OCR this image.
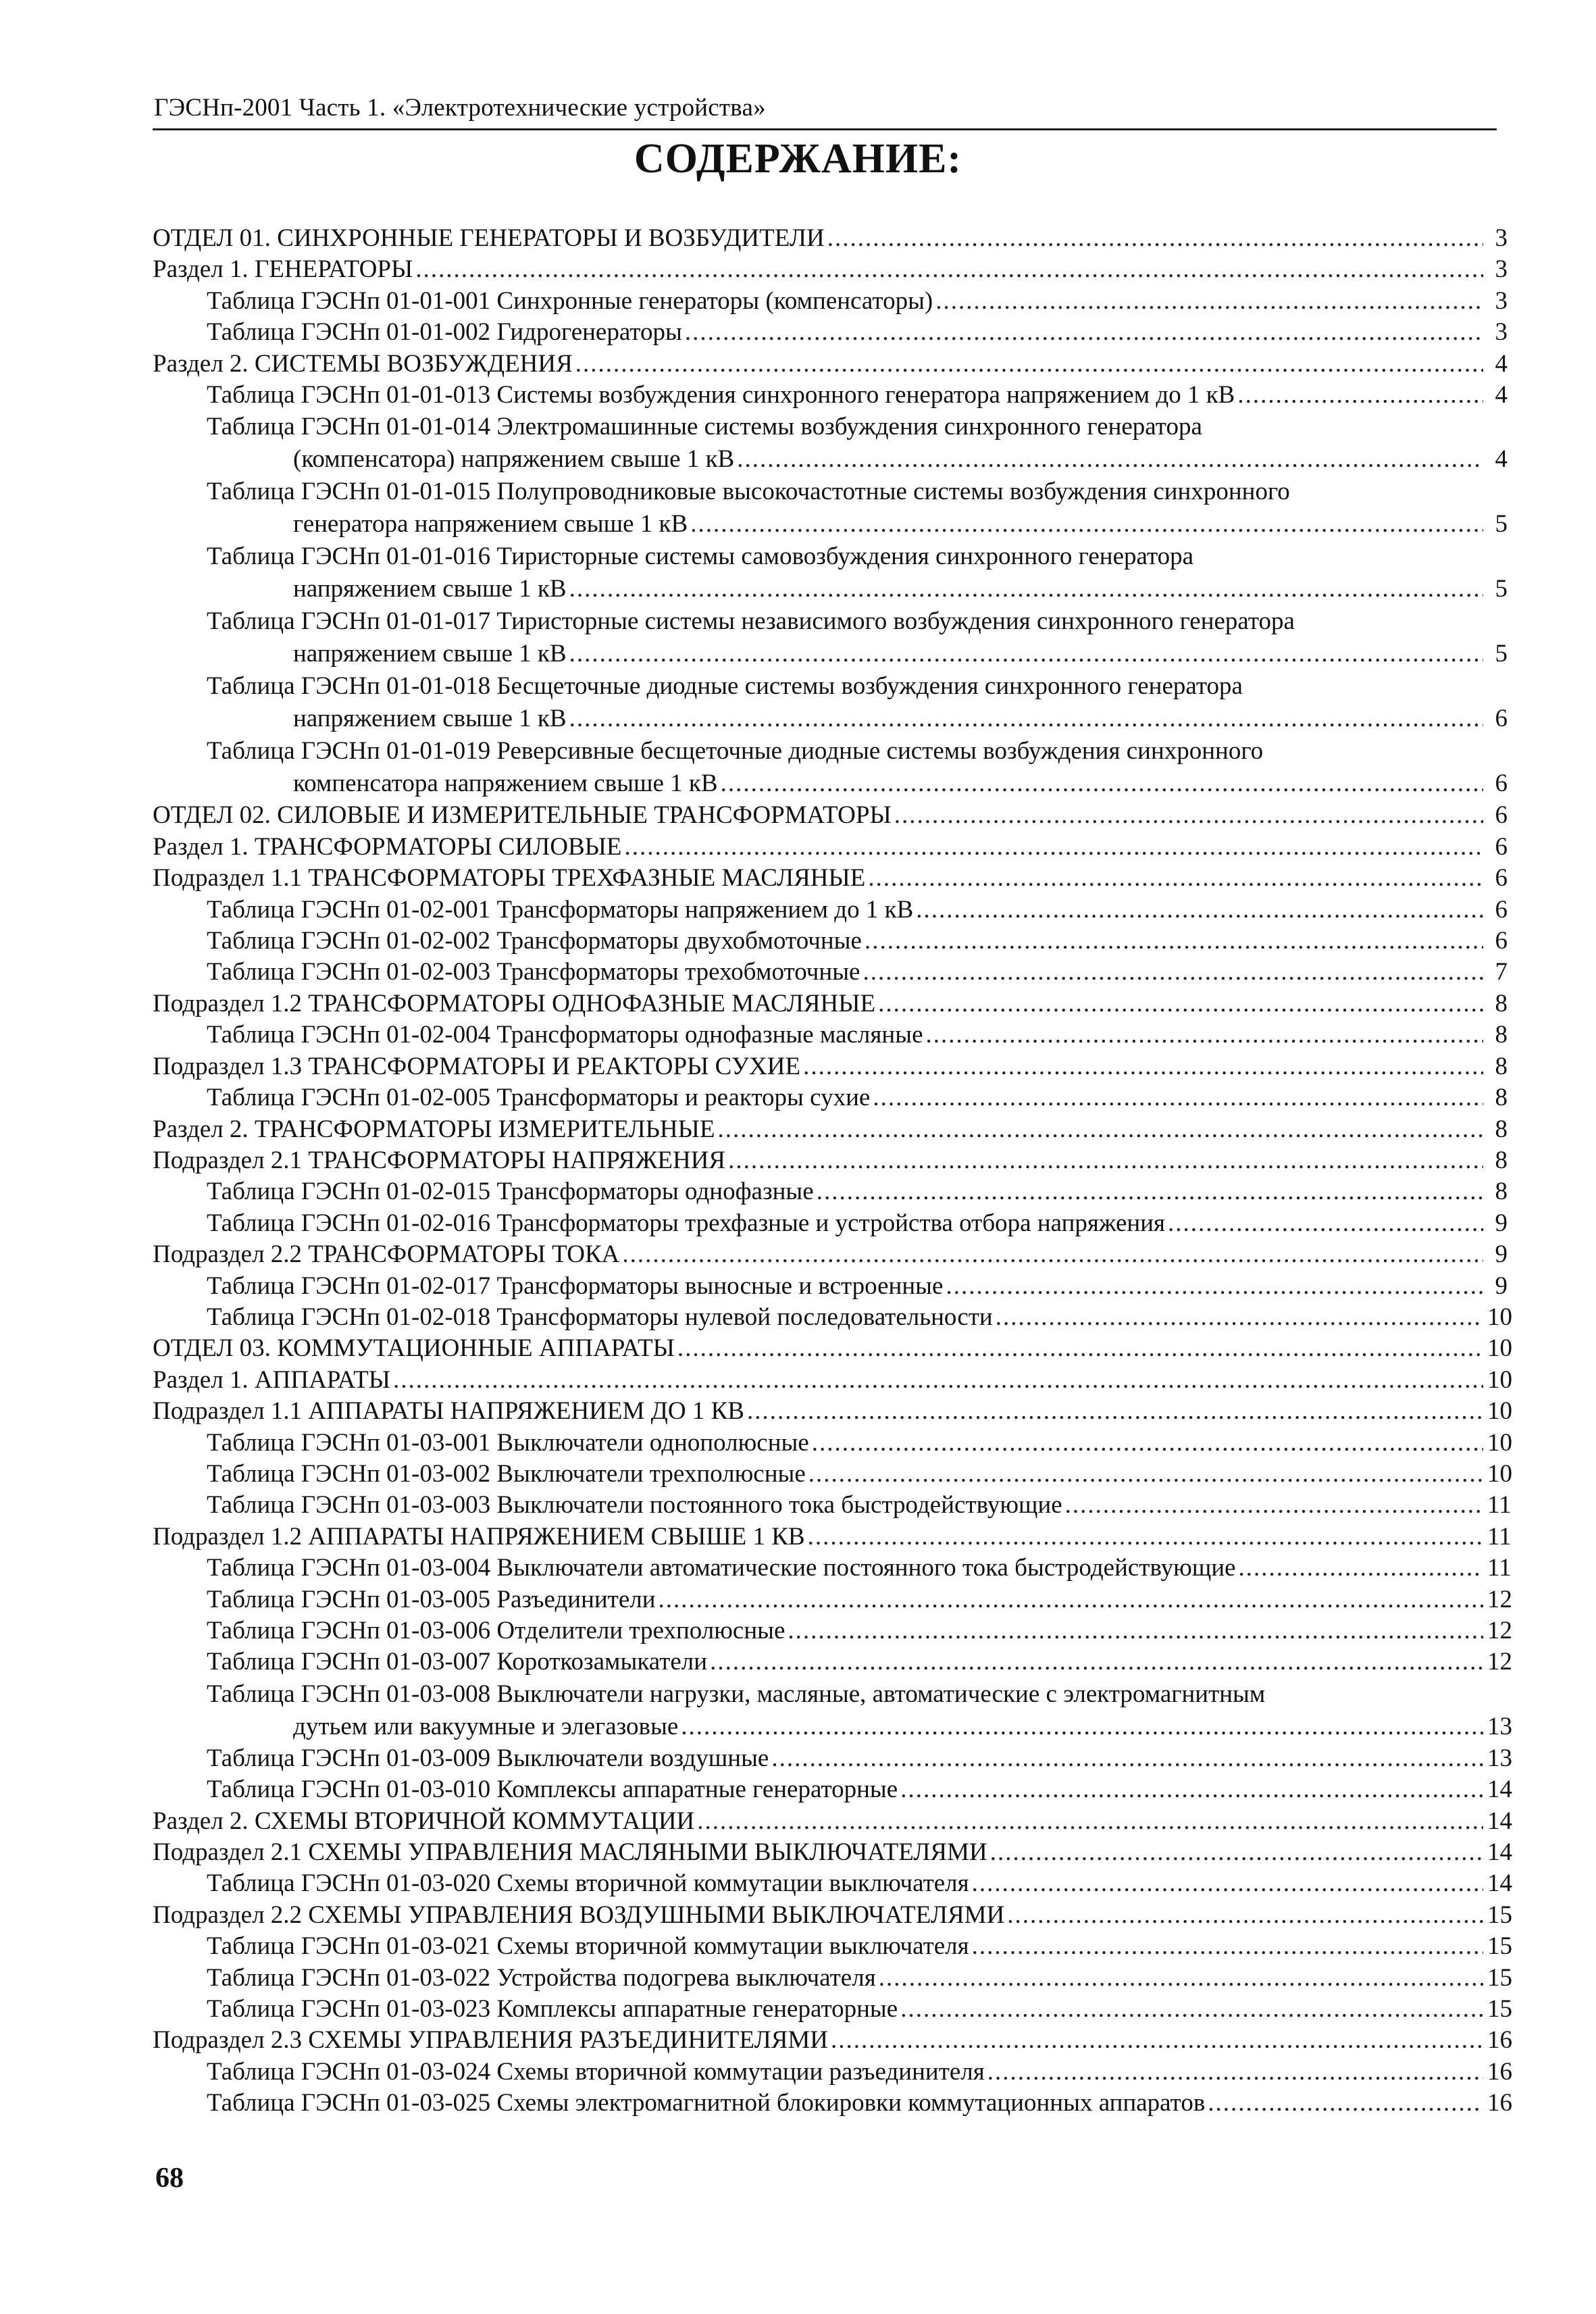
ГЭСНп-2001 Часть 1. «Электротехнические устройства»
СОДЕРЖАНИЕ:
ОТДЕЛ 01. СИНХРОННЫЕ ГЕНЕРАТОРЫ И ВОЗБУДИТЕЛИ .....	3
Раздел 1. ГЕНЕРАТОРЫ .....	3
Таблица ГЭСНп 01-01-001 Синхронные генераторы (компенсаторы) .....	3
Таблица ГЭСНп 01-01-002 Гидрогенераторы .....	3
Раздел 2. СИСТЕМЫ ВОЗБУЖДЕНИЯ .....	4
Таблица ГЭСНп 01-01-013 Системы возбуждения синхронного генератора напряжением до 1 кВ .....	4
Таблица ГЭСНп 01-01-014 Электромашинные системы возбуждения синхронного генератора
(компенсатора) напряжением свыше 1 кВ .....	4
Таблица ГЭСНп 01-01-015 Полупроводниковые высокочастотные системы возбуждения синхронного
генератора напряжением свыше 1 кВ .....	5
Таблица ГЭСНп 01-01-016 Тиристорные системы самовозбуждения синхронного генератора
напряжением свыше 1 кВ .....	5
Таблица ГЭСНп 01-01-017 Тиристорные системы независимого возбуждения синхронного генератора
напряжением свыше 1 кВ .....	5
Таблица ГЭСНп 01-01-018 Бесщеточные диодные системы возбуждения синхронного генератора
напряжением свыше 1 кВ .....	6
Таблица ГЭСНп 01-01-019 Реверсивные бесщеточные диодные системы возбуждения синхронного
компенсатора напряжением свыше 1 кВ .....	6
ОТДЕЛ 02. СИЛОВЫЕ И ИЗМЕРИТЕЛЬНЫЕ ТРАНСФОРМАТОРЫ .....	6
Раздел 1. ТРАНСФОРМАТОРЫ СИЛОВЫЕ .....	6
Подраздел 1.1 ТРАНСФОРМАТОРЫ ТРЕХФАЗНЫЕ МАСЛЯНЫЕ .....	6
Таблица ГЭСНп 01-02-001 Трансформаторы напряжением до 1 кВ .....	6
Таблица ГЭСНп 01-02-002 Трансформаторы двухобмоточные .....	6
Таблица ГЭСНп 01-02-003 Трансформаторы трехобмоточные .....	7
Подраздел 1.2 ТРАНСФОРМАТОРЫ ОДНОФАЗНЫЕ МАСЛЯНЫЕ .....	8
Таблица ГЭСНп 01-02-004 Трансформаторы однофазные масляные .....	8
Подраздел 1.3 ТРАНСФОРМАТОРЫ И РЕАКТОРЫ СУХИЕ .....	8
Таблица ГЭСНп 01-02-005 Трансформаторы и реакторы сухие .....	8
Раздел 2. ТРАНСФОРМАТОРЫ ИЗМЕРИТЕЛЬНЫЕ .....	8
Подраздел 2.1 ТРАНСФОРМАТОРЫ НАПРЯЖЕНИЯ .....	8
Таблица ГЭСНп 01-02-015 Трансформаторы однофазные .....	8
Таблица ГЭСНп 01-02-016 Трансформаторы трехфазные и устройства отбора напряжения .....	9
Подраздел 2.2 ТРАНСФОРМАТОРЫ ТОКА .....	9
Таблица ГЭСНп 01-02-017 Трансформаторы выносные и встроенные .....	9
Таблица ГЭСНп 01-02-018 Трансформаторы нулевой последовательности .....	10
ОТДЕЛ 03. КОММУТАЦИОННЫЕ АППАРАТЫ .....	10
Раздел 1. АППАРАТЫ .....	10
Подраздел 1.1 АППАРАТЫ НАПРЯЖЕНИЕМ ДО 1 КВ .....	10
Таблица ГЭСНп 01-03-001 Выключатели однополюсные .....	10
Таблица ГЭСНп 01-03-002 Выключатели трехполюсные .....	10
Таблица ГЭСНп 01-03-003 Выключатели постоянного тока быстродействующие .....	11
Подраздел 1.2 АППАРАТЫ НАПРЯЖЕНИЕМ СВЫШЕ 1 КВ .....	11
Таблица ГЭСНп 01-03-004 Выключатели автоматические постоянного тока быстродействующие .....	11
Таблица ГЭСНп 01-03-005 Разъединители .....	12
Таблица ГЭСНп 01-03-006 Отделители трехполюсные .....	12
Таблица ГЭСНп 01-03-007 Короткозамыкатели .....	12
Таблица ГЭСНп 01-03-008 Выключатели нагрузки, масляные, автоматические с электромагнитным
дутьем или вакуумные и элегазовые .....	13
Таблица ГЭСНп 01-03-009 Выключатели воздушные .....	13
Таблица ГЭСНп 01-03-010 Комплексы аппаратные генераторные .....	14
Раздел 2. СХЕМЫ ВТОРИЧНОЙ КОММУТАЦИИ .....	14
Подраздел 2.1 СХЕМЫ УПРАВЛЕНИЯ МАСЛЯНЫМИ ВЫКЛЮЧАТЕЛЯМИ .....	14
Таблица ГЭСНп 01-03-020 Схемы вторичной коммутации выключателя .....	14
Подраздел 2.2 СХЕМЫ УПРАВЛЕНИЯ ВОЗДУШНЫМИ ВЫКЛЮЧАТЕЛЯМИ .....	15
Таблица ГЭСНп 01-03-021 Схемы вторичной коммутации выключателя .....	15
Таблица ГЭСНп 01-03-022 Устройства подогрева выключателя .....	15
Таблица ГЭСНп 01-03-023 Комплексы аппаратные генераторные .....	15
Подраздел 2.3 СХЕМЫ УПРАВЛЕНИЯ РАЗЪЕДИНИТЕЛЯМИ .....	16
Таблица ГЭСНп 01-03-024 Схемы вторичной коммутации разъединителя .....	16
Таблица ГЭСНп 01-03-025 Схемы электромагнитной блокировки коммутационных аппаратов .....	16
68
